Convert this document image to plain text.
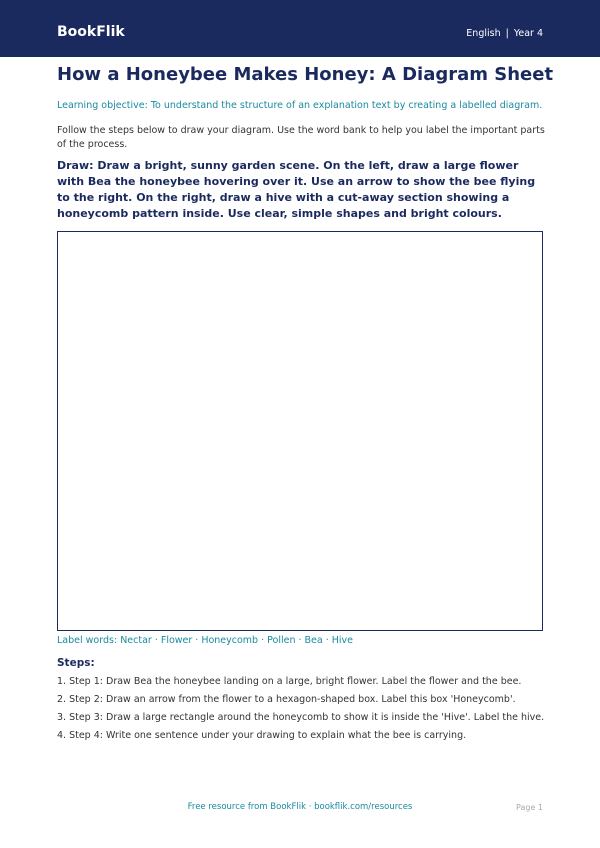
BookFlik	English | Year 4
How a Honeybee Makes Honey: A Diagram Sheet
Learning objective: To understand the structure of an explanation text by creating a labelled diagram.
Follow the steps below to draw your diagram. Use the word bank to help you label the important parts of the process.
Draw: Draw a bright, sunny garden scene. On the left, draw a large flower with Bea the honeybee hovering over it. Use an arrow to show the bee flying to the right. On the right, draw a hive with a cut-away section showing a honeycomb pattern inside. Use clear, simple shapes and bright colours.
Label words: Nectar · Flower · Honeycomb · Pollen · Bea · Hive
Steps:
1. Step 1: Draw Bea the honeybee landing on a large, bright flower. Label the flower and the bee.
2. Step 2: Draw an arrow from the flower to a hexagon-shaped box. Label this box 'Honeycomb'.
3. Step 3: Draw a large rectangle around the honeycomb to show it is inside the 'Hive'. Label the hive.
4. Step 4: Write one sentence under your drawing to explain what the bee is carrying.
Free resource from BookFlik · bookflik.com/resources	Page 1
